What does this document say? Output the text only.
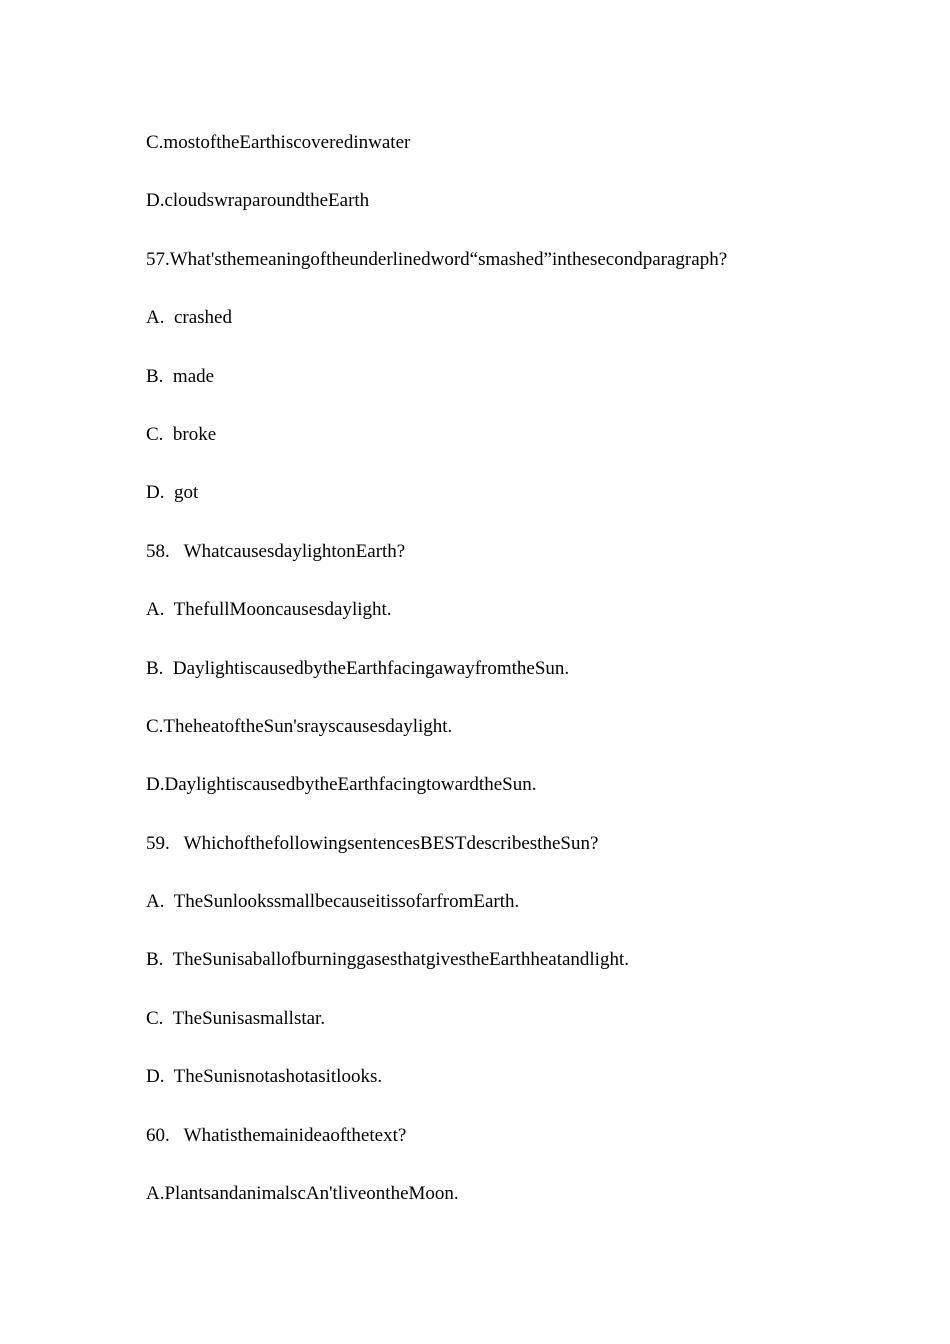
C.mostoftheEarthiscoveredinwater
D.cloudswraparoundtheEarth
57.What'sthemeaningoftheunderlinedword“smashed”inthesecondparagraph?
A.  crashed
B.  made
C.  broke
D.  got
58.   WhatcausesdaylightonEarth?
A.  ThefullMooncausesdaylight.
B.  DaylightiscausedbytheEarthfacingawayfromtheSun.
C.TheheatoftheSun'srayscausesdaylight.
D.DaylightiscausedbytheEarthfacingtowardtheSun.
59.   WhichofthefollowingsentencesBESTdescribestheSun?
A.  TheSunlookssmallbecauseitissofarfromEarth.
B.  TheSunisaballofburninggasesthatgivestheEarthheatandlight.
C.  TheSunisasmallstar.
D.  TheSunisnotashotasitlooks.
60.   Whatisthemainideaofthetext?
A.PlantsandanimalscAn'tliveontheMoon.
